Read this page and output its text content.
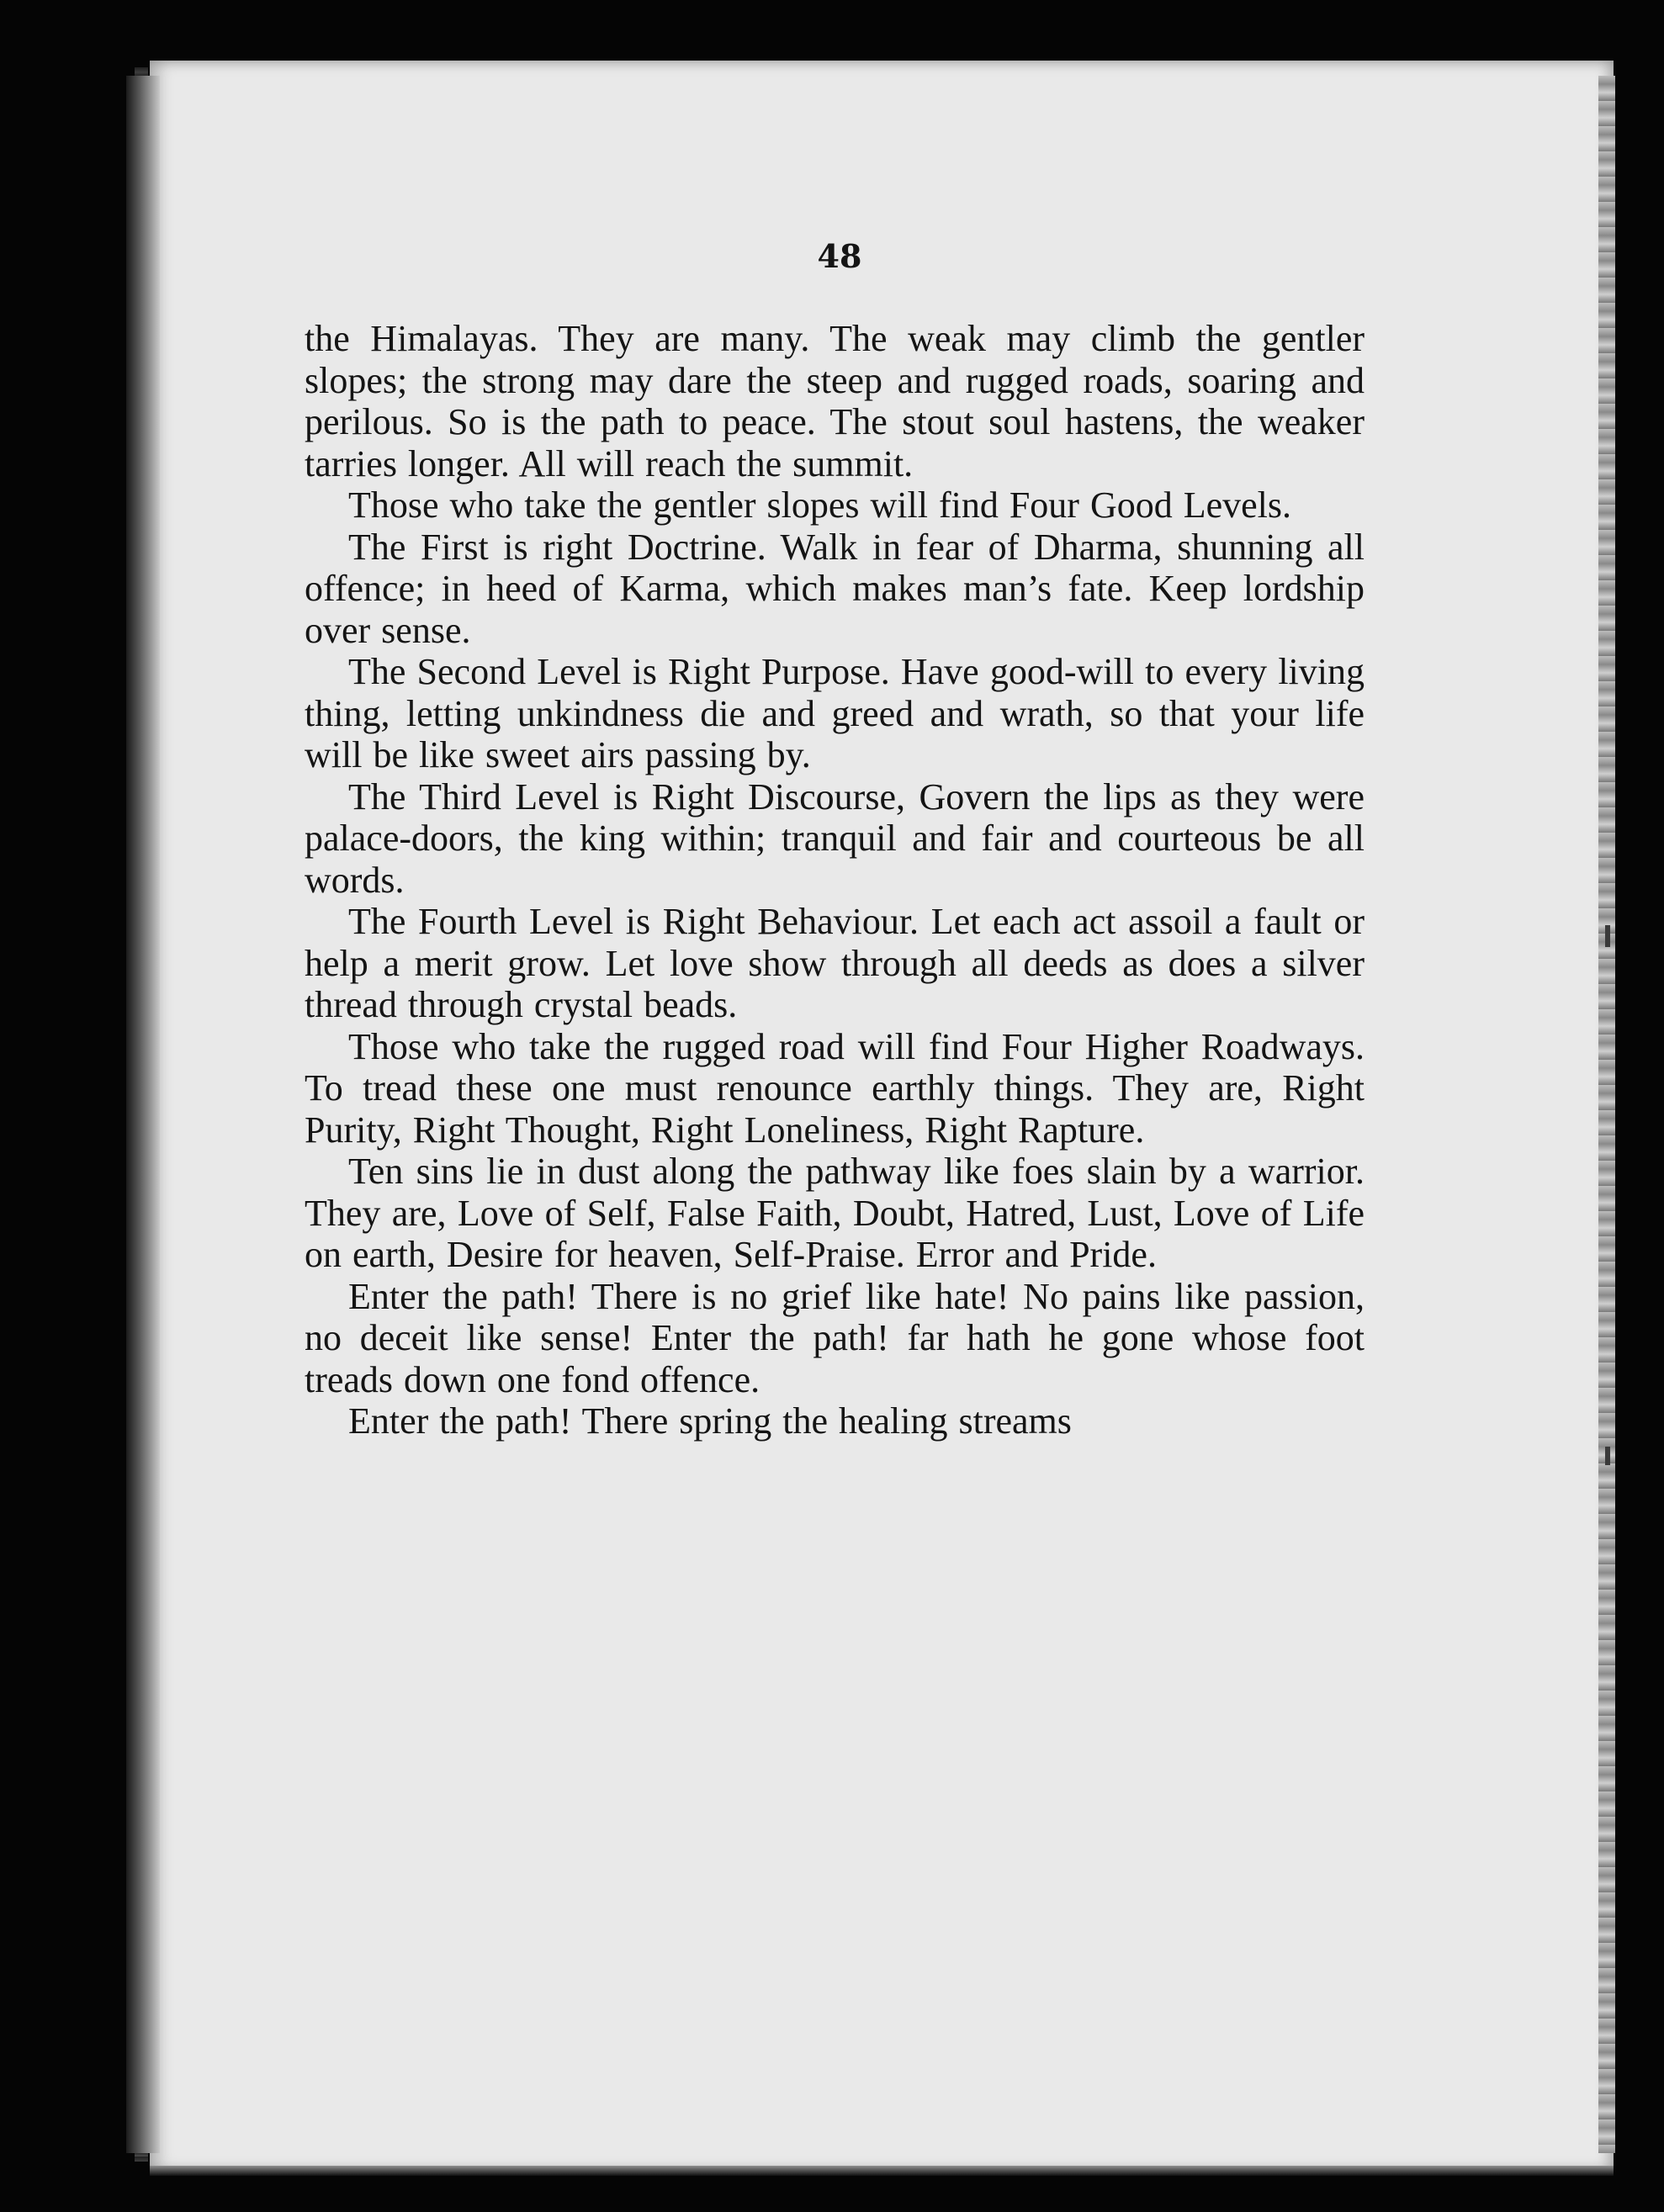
48

the Himalayas. They are many. The weak may climb the gentler slopes; the strong may dare the steep and rugged roads, soaring and perilous. So is the path to peace. The stout soul hastens, the weaker tarries longer. All will reach the summit.

Those who take the gentler slopes will find Four Good Levels.

The First is right Doctrine. Walk in fear of Dharma, shunning all offence; in heed of Karma, which makes man’s fate. Keep lordship over sense.

The Second Level is Right Purpose. Have good-will to every living thing, letting unkindness die and greed and wrath, so that your life will be like sweet airs passing by.

The Third Level is Right Discourse, Govern the lips as they were palace-doors, the king within; tranquil and fair and courteous be all words.

The Fourth Level is Right Behaviour. Let each act assoil a fault or help a merit grow. Let love show through all deeds as does a silver thread through crystal beads.

Those who take the rugged road will find Four Higher Roadways. To tread these one must renounce earthly things. They are, Right Purity, Right Thought, Right Loneliness, Right Rapture.

Ten sins lie in dust along the pathway like foes slain by a warrior. They are, Love of Self, False Faith, Doubt, Hatred, Lust, Love of Life on earth, Desire for heaven, Self-Praise. Error and Pride.

Enter the path! There is no grief like hate! No pains like passion, no deceit like sense! Enter the path! far hath he gone whose foot treads down one fond offence.

Enter the path! There spring the healing streams
